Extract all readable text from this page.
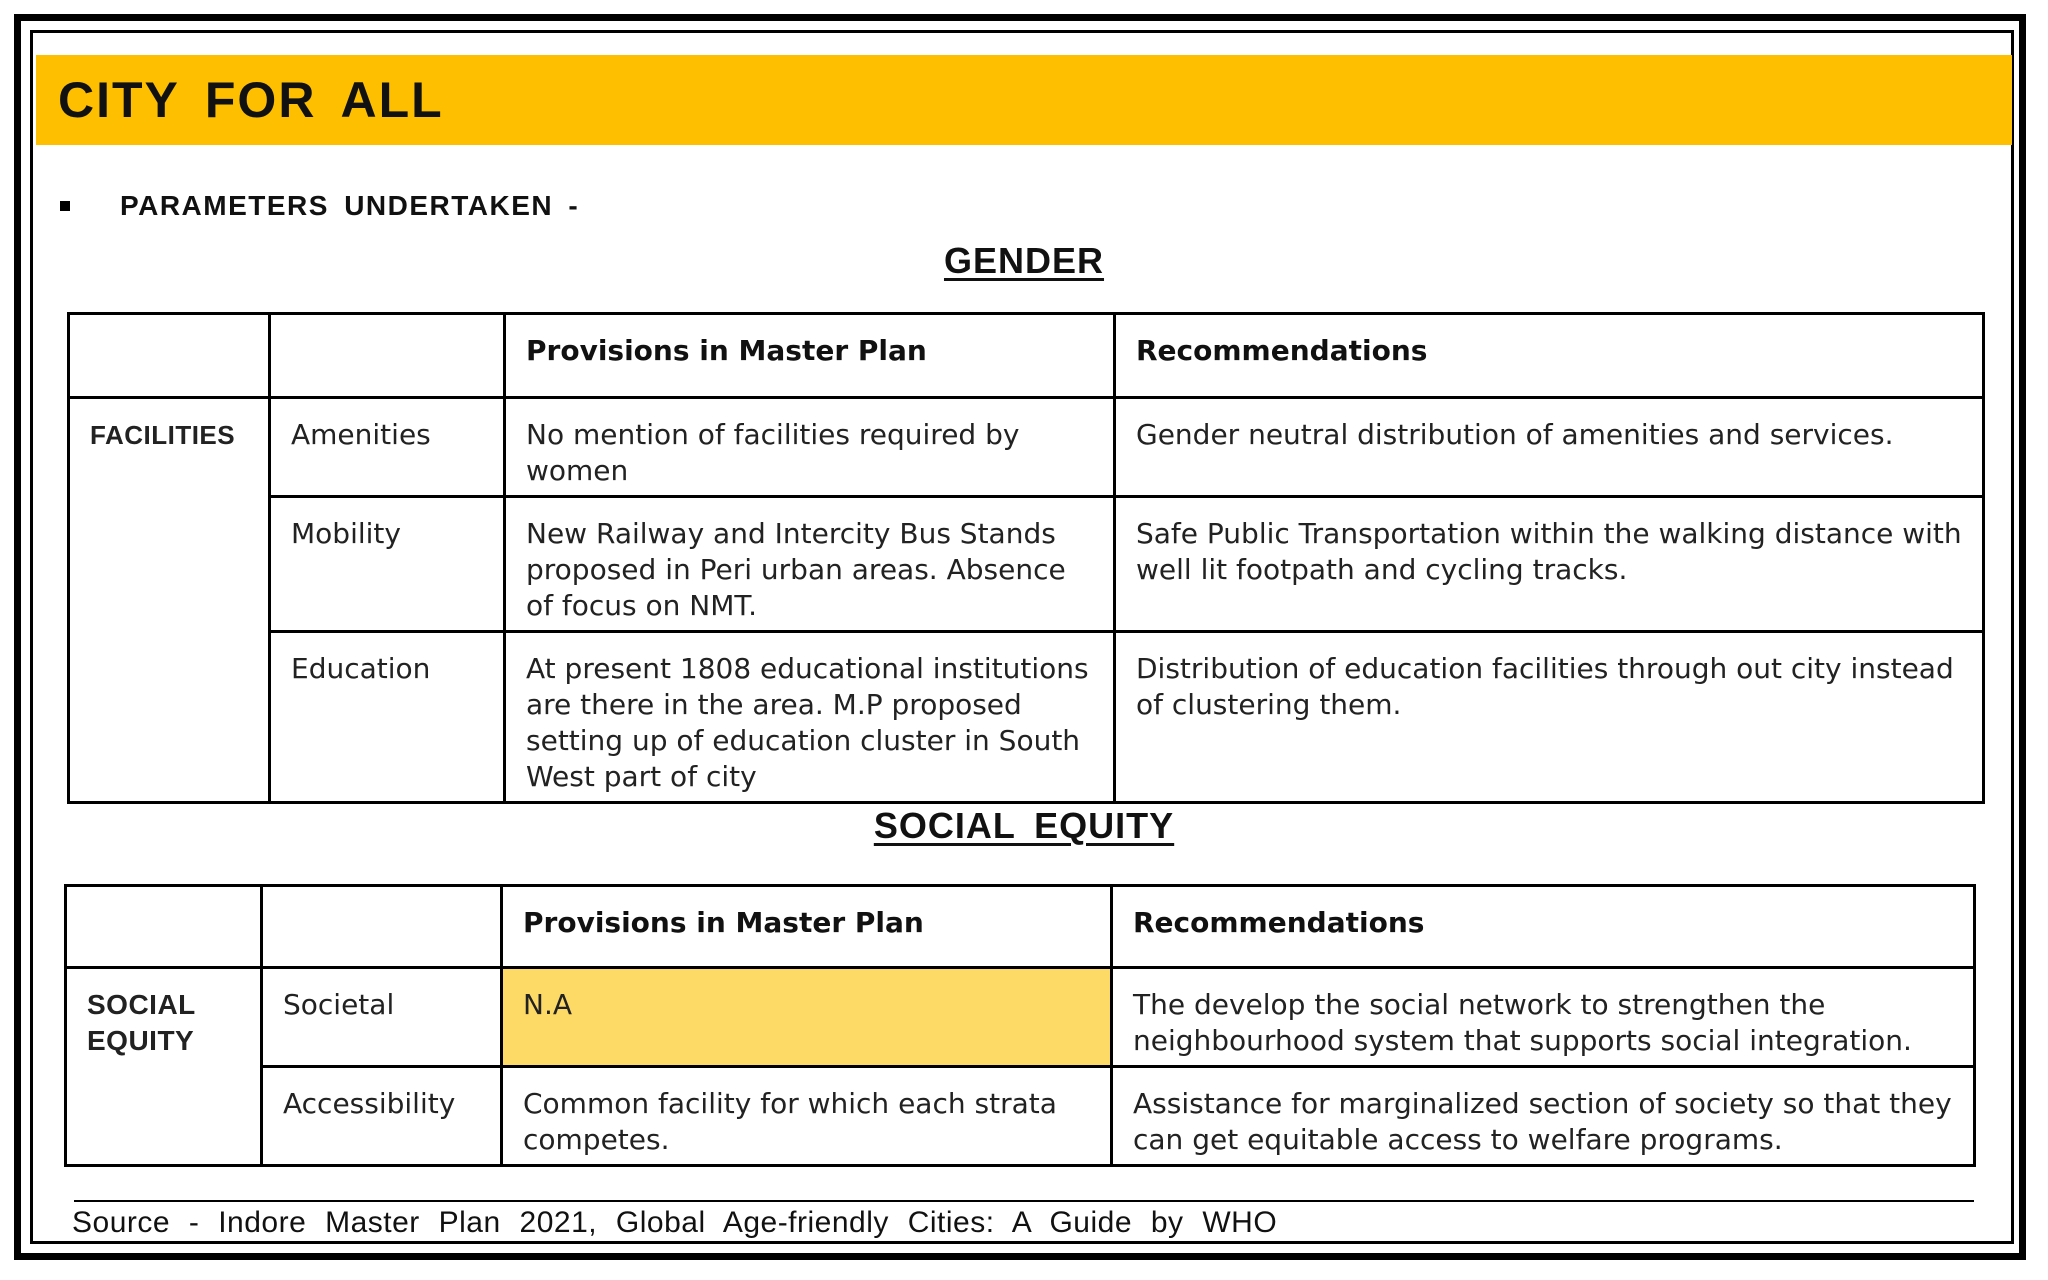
CITY FOR ALL
PARAMETERS UNDERTAKEN -
GENDER
		Provisions in Master Plan	Recommendations
FACILITIES	Amenities	No mention of facilities required by women	Gender neutral distribution of amenities and services.
	Mobility	New Railway and Intercity Bus Stands proposed in Peri urban areas. Absence of focus on NMT.	Safe Public Transportation within the walking distance with well lit footpath and cycling tracks.
	Education	At present 1808 educational institutions are there in the area. M.P proposed setting up of education cluster in South West part of city	Distribution of education facilities through out city instead of clustering them.
SOCIAL EQUITY
		Provisions in Master Plan	Recommendations
SOCIAL EQUITY	Societal	N.A	The develop the social network to strengthen the neighbourhood system that supports social integration.
	Accessibility	Common facility for which each strata competes.	Assistance for marginalized section of society so that they can get equitable access to welfare programs.
Source - Indore Master Plan 2021, Global Age-friendly Cities: A Guide by WHO
